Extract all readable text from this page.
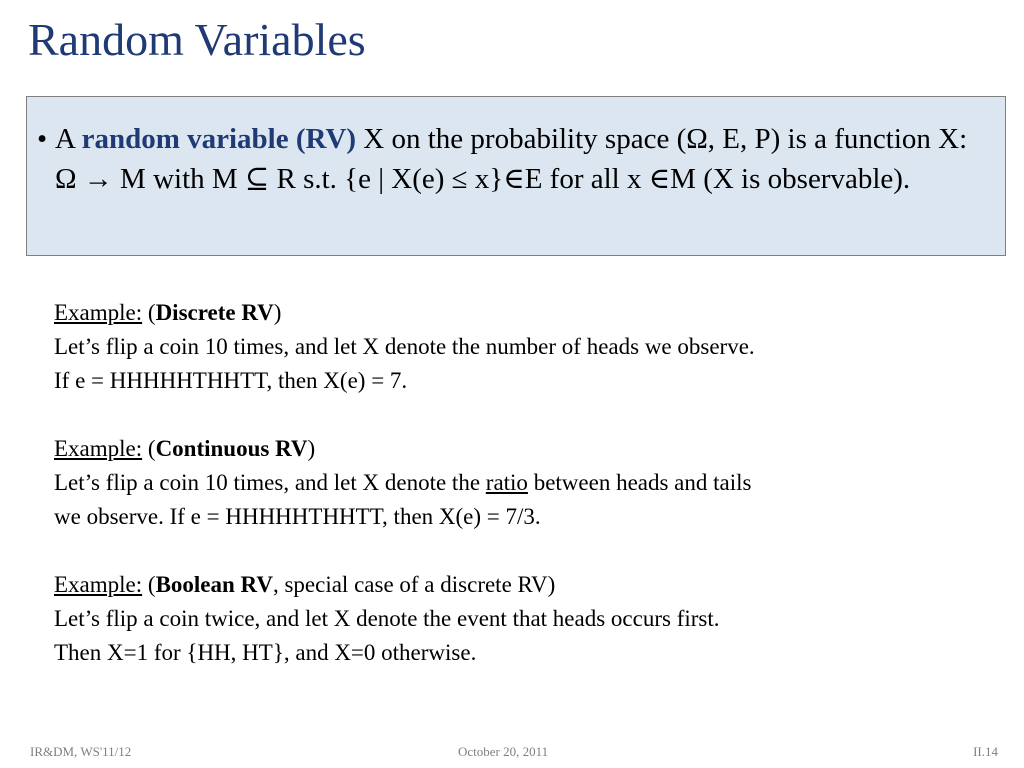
Random Variables
• A random variable (RV) X on the probability space (Ω, E, P) is a function X: Ω → M with M ⊆ R s.t. {e | X(e) ≤ x}∈E for all x ∈M (X is observable).
Example: (Discrete RV)
Let’s flip a coin 10 times, and let X denote the number of heads we observe.
If e = HHHHHTHHTT, then X(e) = 7.
Example: (Continuous RV)
Let’s flip a coin 10 times, and let X denote the ratio between heads and tails
we observe. If e = HHHHHTHHTT, then X(e) = 7/3.
Example: (Boolean RV, special case of a discrete RV)
Let’s flip a coin twice, and let X denote the event that heads occurs first.
Then X=1 for {HH, HT}, and X=0 otherwise.
IR&DM, WS'11/12	October 20, 2011	II.14
